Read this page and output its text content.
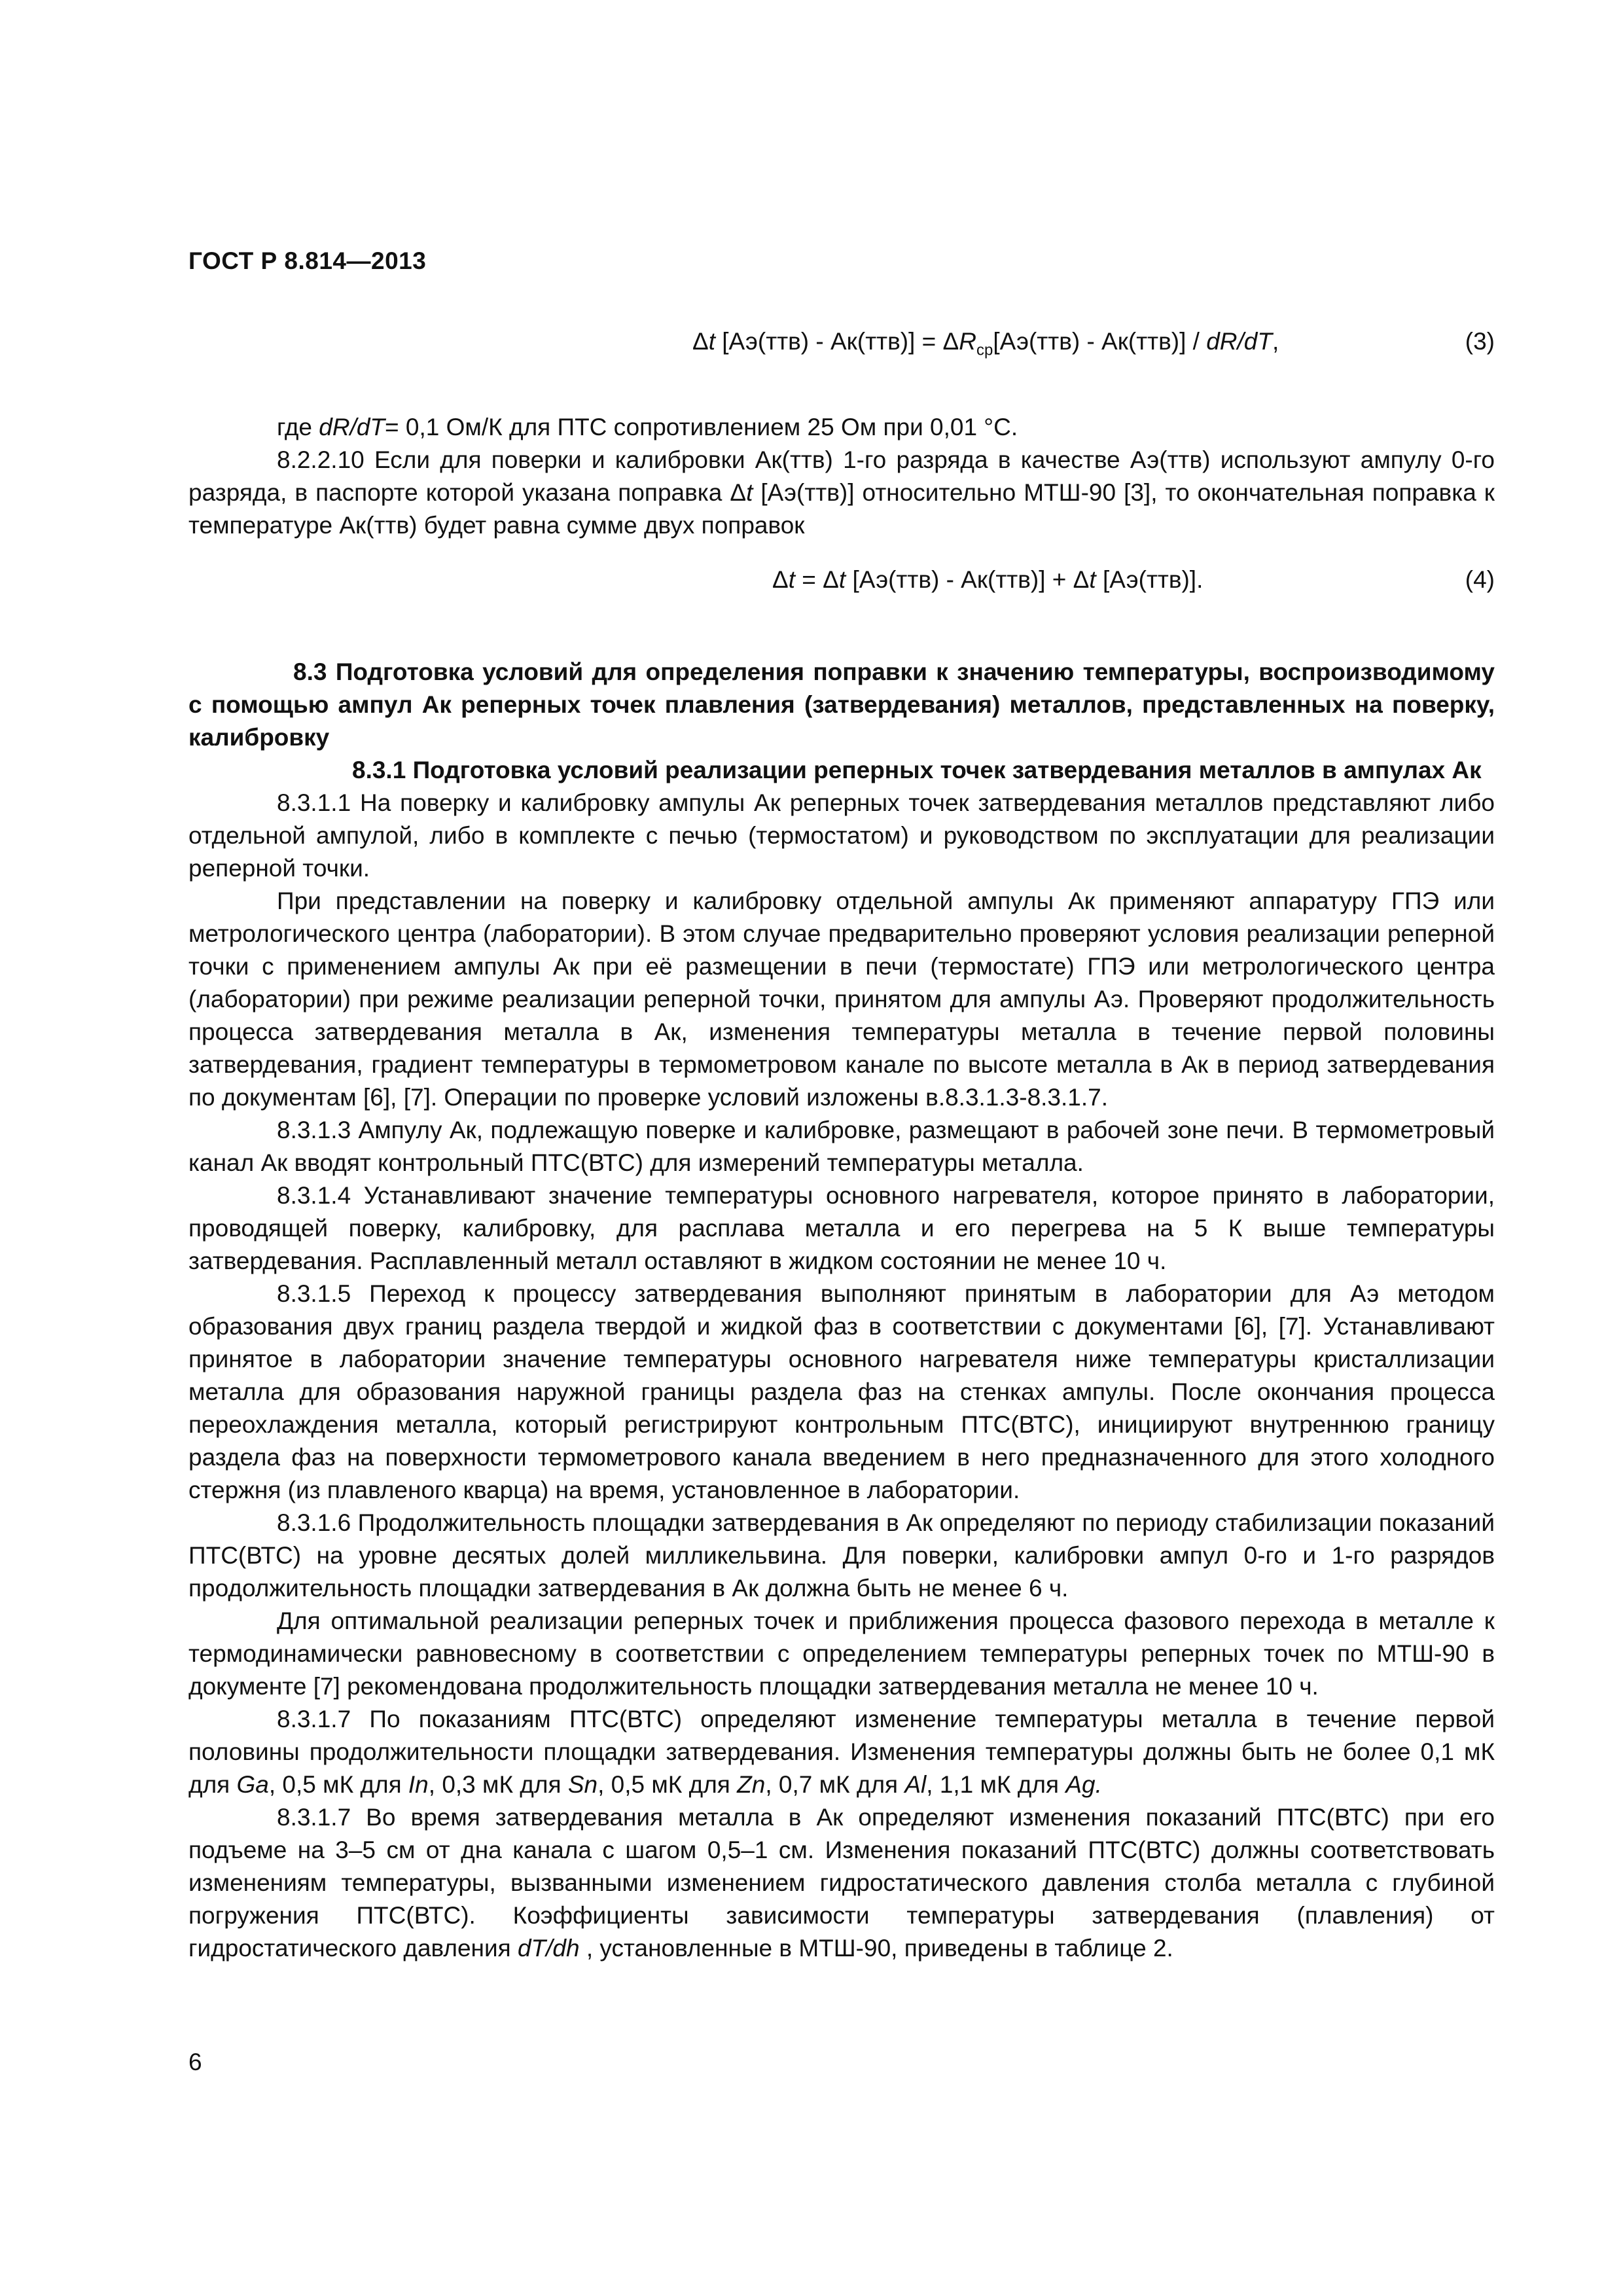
ГОСТ Р 8.814—2013
Δt $[Аэ(ттв) - Ак(ттв)] = \Delta R_{ср}[Аэ(ттв) - Ак(ттв)] / dR/dT$,	(3)

где dR/dT= 0,1 Ом/К для ПТС сопротивлением 25 Ом при 0,01 °С.

8.2.2.10 Если для поверки и калибровки Ак(ттв) 1-го разряда в качестве Аэ(ттв) используют ампулу 0-го разряда, в паспорте которой указана поправка Δt [Аэ(ттв)] относительно МТШ-90 [3], то окончательная поправка к температуре Ак(ттв) будет равна сумме двух поправок

Δt = Δt [Аэ(ттв) - Ак(ттв)] + Δt [Аэ(ттв)].	(4)

8.3 Подготовка условий для определения поправки к значению температуры, воспроизводимому с помощью ампул Ак реперных точек плавления (затвердевания) металлов, представленных на поверку, калибровку

8.3.1 Подготовка условий реализации реперных точек затвердевания металлов в ампулах Ак

8.3.1.1 На поверку и калибровку ампулы Ак реперных точек затвердевания металлов представляют либо отдельной ампулой, либо в комплекте с печью (термостатом) и руководством по эксплуатации для реализации реперной точки.

При представлении на поверку и калибровку отдельной ампулы Ак применяют аппаратуру ГПЭ или метрологического центра (лаборатории). В этом случае предварительно проверяют условия реализации реперной точки с применением ампулы Ак при её размещении в печи (термостате) ГПЭ или метрологического центра (лаборатории) при режиме реализации реперной точки, принятом для ампулы Аэ. Проверяют продолжительность процесса затвердевания металла в Ак, изменения температуры металла в течение первой половины затвердевания, градиент температуры в термометровом канале по высоте металла в Ак в период затвердевания по документам [6], [7]. Операции по проверке условий изложены в.8.3.1.3-8.3.1.7.

8.3.1.3 Ампулу Ак, подлежащую поверке и калибровке, размещают в рабочей зоне печи. В термометровый канал Ак вводят контрольный ПТС(ВТС) для измерений температуры металла.

8.3.1.4 Устанавливают значение температуры основного нагревателя, которое принято в лаборатории, проводящей поверку, калибровку, для расплава металла и его перегрева на 5 К выше температуры затвердевания. Расплавленный металл оставляют в жидком состоянии не менее 10 ч.

8.3.1.5 Переход к процессу затвердевания выполняют принятым в лаборатории для Аэ методом образования двух границ раздела твердой и жидкой фаз в соответствии с документами [6], [7]. Устанавливают принятое в лаборатории значение температуры основного нагревателя ниже температуры кристаллизации металла для образования наружной границы раздела фаз на стенках ампулы. После окончания процесса переохлаждения металла, который регистрируют контрольным ПТС(ВТС), инициируют внутреннюю границу раздела фаз на поверхности термометрового канала введением в него предназначенного для этого холодного стержня (из плавленого кварца) на время, установленное в лаборатории.

8.3.1.6 Продолжительность площадки затвердевания в Ак определяют по периоду стабилизации показаний ПТС(ВТС) на уровне десятых долей милликельвина. Для поверки, калибровки ампул 0-го и 1-го разрядов продолжительность площадки затвердевания в Ак должна быть не менее 6 ч.

Для оптимальной реализации реперных точек и приближения процесса фазового перехода в металле к термодинамически равновесному в соответствии с определением температуры реперных точек по МТШ-90 в документе [7] рекомендована продолжительность площадки затвердевания металла не менее 10 ч.

8.3.1.7 По показаниям ПТС(ВТС) определяют изменение температуры металла в течение первой половины продолжительности площадки затвердевания. Изменения температуры должны быть не более 0,1 мК для Ga, 0,5 мК для In, 0,3 мК для Sn, 0,5 мК для Zn, 0,7 мК для Al, 1,1 мК для Ag.

8.3.1.7 Во время затвердевания металла в Ак определяют изменения показаний ПТС(ВТС) при его подъеме на 3–5 см от дна канала с шагом 0,5–1 см. Изменения показаний ПТС(ВТС) должны соответствовать изменениям температуры, вызванными изменением гидростатического давления столба металла с глубиной погружения ПТС(ВТС). Коэффициенты зависимости температуры затвердевания (плавления) от гидростатического давления dT/dh , установленные в МТШ-90, приведены в таблице 2.

6
